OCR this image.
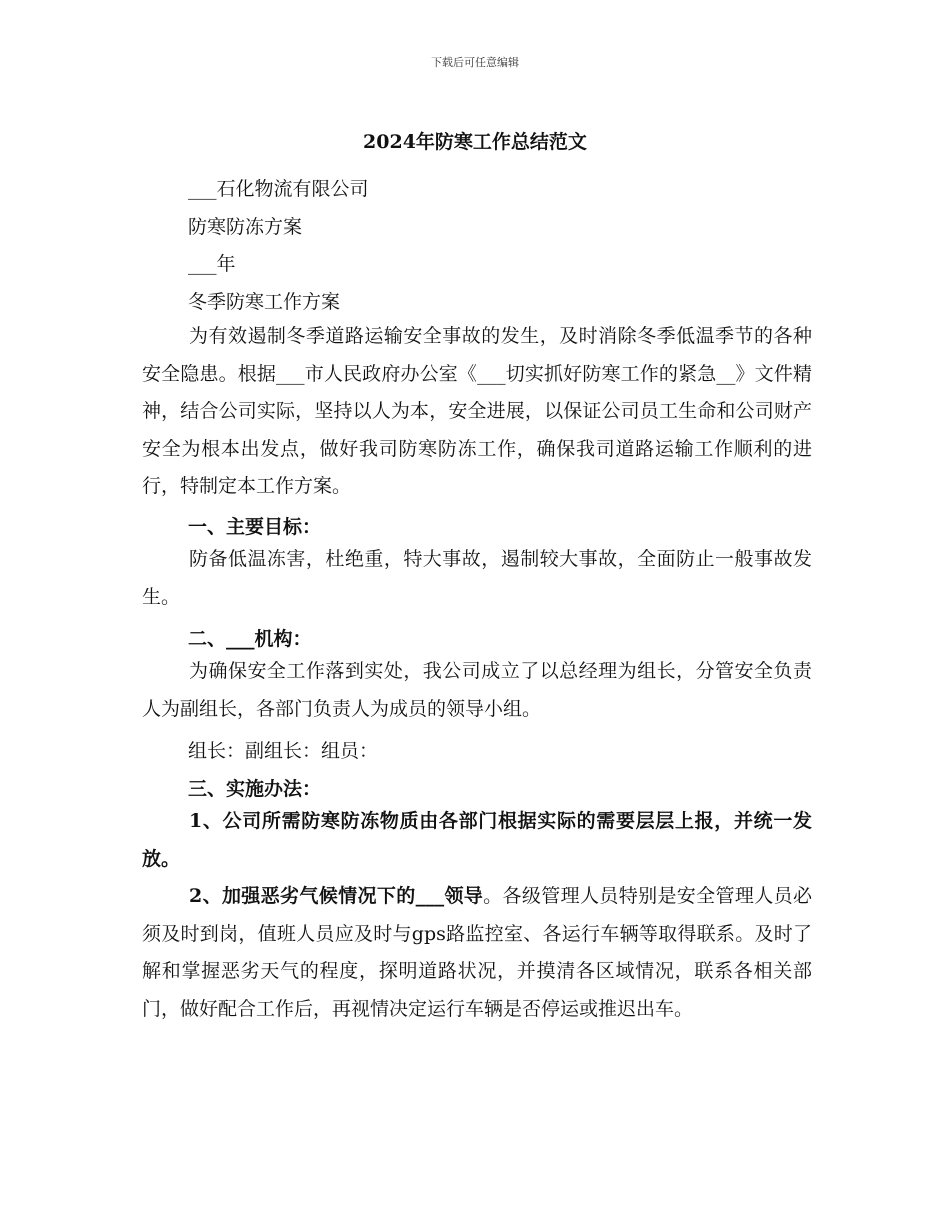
下载后可任意编辑
2024年防寒工作总结范文

___石化物流有限公司

防寒防冻方案

___年

冬季防寒工作方案

为有效遏制冬季道路运输安全事故的发生，及时消除冬季低温季节的各种安全隐患。根据___市人民政府办公室《___切实抓好防寒工作的紧急__》文件精神，结合公司实际，坚持以人为本，安全进展，以保证公司员工生命和公司财产安全为根本出发点，做好我司防寒防冻工作，确保我司道路运输工作顺利的进行，特制定本工作方案。

一、主要目标：

防备低温冻害，杜绝重，特大事故，遏制较大事故，全面防止一般事故发生。

二、___机构：

为确保安全工作落到实处，我公司成立了以总经理为组长，分管安全负责人为副组长，各部门负责人为成员的领导小组。

组长：副组长：组员：

三、实施办法：

1、公司所需防寒防冻物质由各部门根据实际的需要层层上报，并统一发放。

2、加强恶劣气候情况下的___领导。各级管理人员特别是安全管理人员必须及时到岗，值班人员应及时与gps路监控室、各运行车辆等取得联系。及时了解和掌握恶劣天气的程度，探明道路状况，并摸清各区域情况，联系各相关部门，做好配合工作后，再视情决定运行车辆是否停运或推迟出车。
